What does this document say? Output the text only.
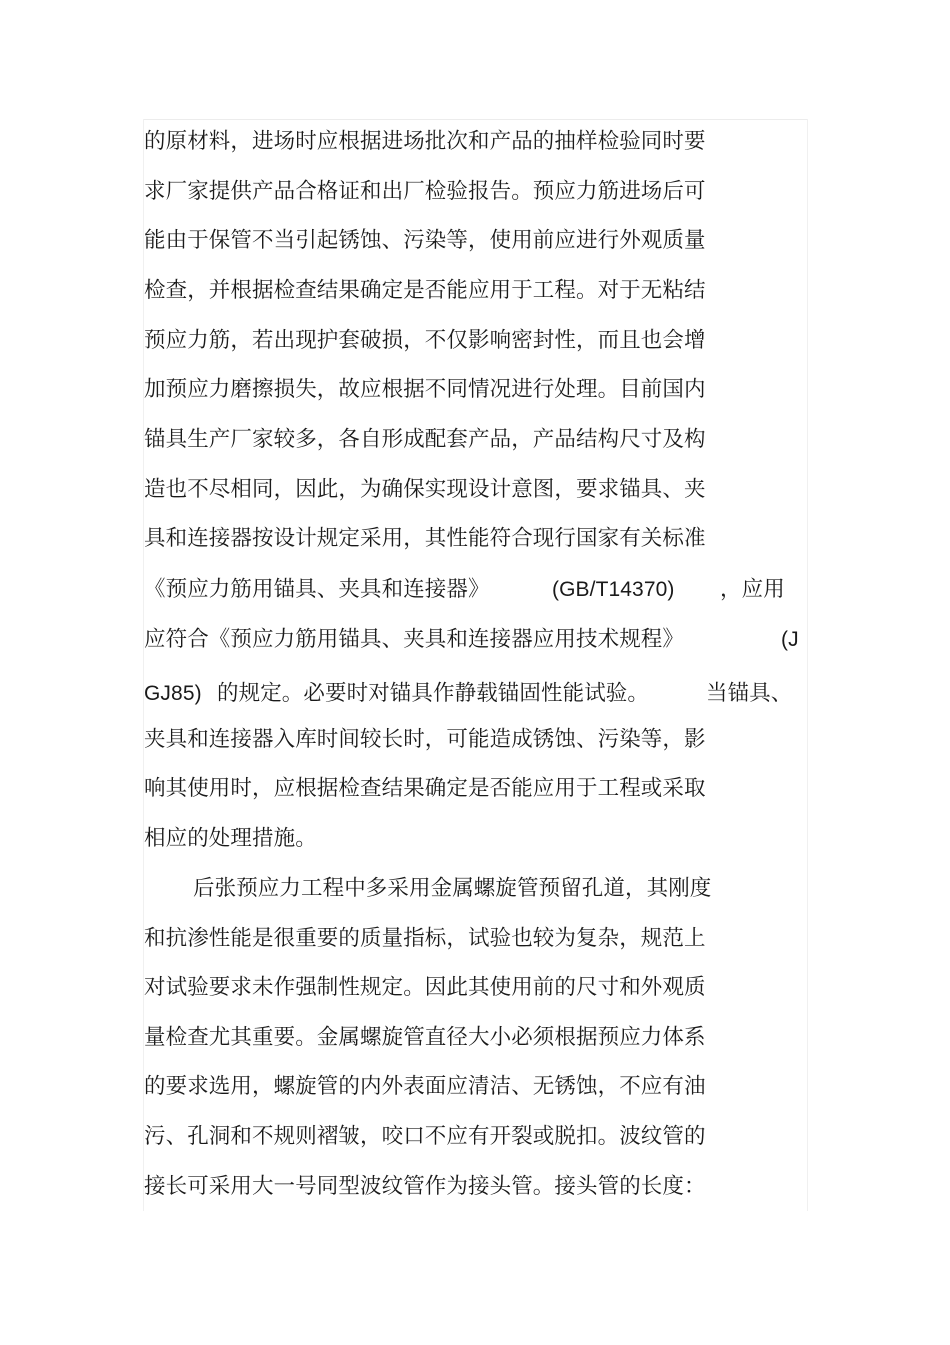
的原材料，进场时应根据进场批次和产品的抽样检验同时要
求厂家提供产品合格证和出厂检验报告。预应力筋进场后可
能由于保管不当引起锈蚀、污染等，使用前应进行外观质量
检查，并根据检查结果确定是否能应用于工程。对于无粘结
预应力筋，若出现护套破损，不仅影响密封性，而且也会增
加预应力磨擦损失，故应根据不同情况进行处理。目前国内
锚具生产厂家较多，各自形成配套产品，产品结构尺寸及构
造也不尽相同，因此，为确保实现设计意图，要求锚具、夹
具和连接器按设计规定采用，其性能符合现行国家有关标准

《预应力筋用锚具、夹具和连接器》

	(GB/T14370)

，应用

应符合《预应力筋用锚具、夹具和连接器应用技术规程》

	(J

GJ85)

的规定。必要时对锚具作静载锚固性能试验。

	当锚具、

夹具和连接器入库时间较长时，可能造成锈蚀、污染等，影
响其使用时，应根据检查结果确定是否能应用于工程或采取
相应的处理措施。
后张预应力工程中多采用金属螺旋管预留孔道，其刚度
和抗渗性能是很重要的质量指标，试验也较为复杂，规范上
对试验要求未作强制性规定。因此其使用前的尺寸和外观质
量检查尤其重要。金属螺旋管直径大小必须根据预应力体系
的要求选用，螺旋管的内外表面应清洁、无锈蚀，不应有油
污、孔洞和不规则褶皱，咬口不应有开裂或脱扣。波纹管的
接长可采用大一号同型波纹管作为接头管。接头管的长度：
